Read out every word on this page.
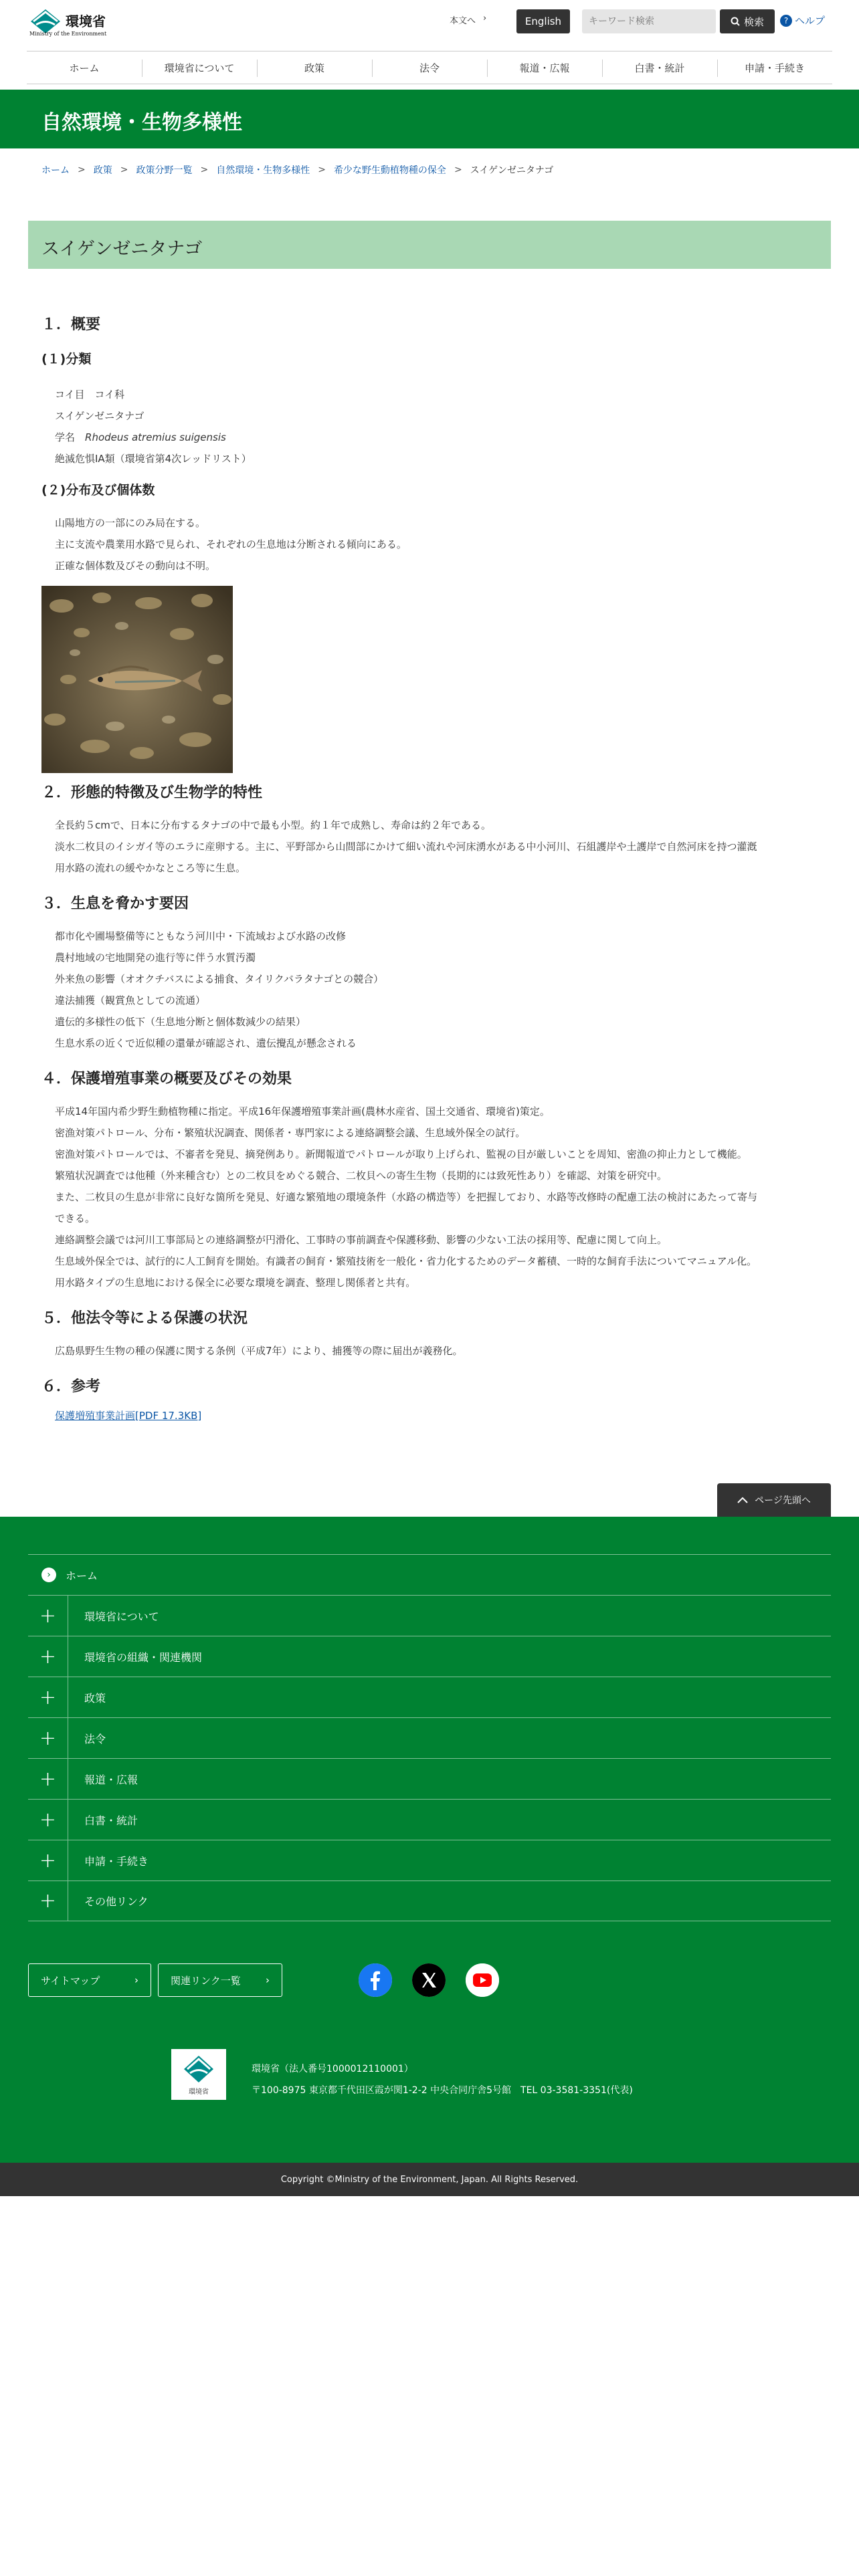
環境省
Ministry of the Environment
本文へ ›	English
キーワード検索	検索	? ヘルプ
ホーム	環境省について	政策	法令	報道・広報	白書・統計	申請・手続き
自然環境・生物多様性
ホーム > 政策 > 政策分野一覧 > 自然環境・生物多様性 > 希少な野生動植物種の保全 > スイゲンゼニタナゴ
スイゲンゼニタナゴ
１．概要
(１)分類
コイ目　コイ科
スイゲンゼニタナゴ
学名　Rhodeus atremius suigensis
絶滅危惧ⅠA類（環境省第4次レッドリスト）
(２)分布及び個体数
山陽地方の一部にのみ局在する。
主に支流や農業用水路で見られ、それぞれの生息地は分断される傾向にある。
正確な個体数及びその動向は不明。
２．形態的特徴及び生物学的特性
全長約５cmで、日本に分布するタナゴの中で最も小型。約１年で成熟し、寿命は約２年である。
淡水二枚貝のイシガイ等のエラに産卵する。主に、平野部から山間部にかけて細い流れや河床湧水がある中小河川、石組護岸や土護岸で自然河床を持つ灌漑
用水路の流れの緩やかなところ等に生息。
３．生息を脅かす要因
都市化や圃場整備等にともなう河川中・下流域および水路の改修
農村地域の宅地開発の進行等に伴う水質汚濁
外来魚の影響（オオクチバスによる捕食、タイリクバラタナゴとの競合）
違法捕獲（観賞魚としての流通）
遺伝的多様性の低下（生息地分断と個体数減少の結果）
生息水系の近くで近似種の還暈が確認され、遺伝攪乱が懸念される
４．保護増殖事業の概要及びその効果
平成14年国内希少野生動植物種に指定。平成16年保護増殖事業計画(農林水産省、国土交通省、環境省)策定。
密漁対策パトロール、分布・繁殖状況調査、関係者・専門家による連絡調整会議、生息域外保全の試行。
密漁対策パトロールでは、不審者を発見、摘発例あり。新聞報道でパトロールが取り上げられ、監視の目が厳しいことを周知、密漁の抑止力として機能。
繁殖状況調査では他種（外来種含む）との二枚貝をめぐる競合、二枚貝への寄生生物（長期的には致死性あり）を確認、対策を研究中。
また、二枚貝の生息が非常に良好な箇所を発見、好適な繁殖地の環境条件（水路の構造等）を把握しており、水路等改修時の配慮工法の検討にあたって寄与
できる。
連絡調整会議では河川工事部局との連絡調整が円滑化、工事時の事前調査や保護移動、影響の少ない工法の採用等、配慮に関して向上。
生息域外保全では、試行的に人工飼育を開始。有識者の飼育・繁殖技術を一般化・省力化するためのデータ蓄積、一時的な飼育手法についてマニュアル化。
用水路タイプの生息地における保全に必要な環境を調査、整理し関係者と共有。
５．他法令等による保護の状況
広島県野生生物の種の保護に関する条例（平成7年）により、捕獲等の際に届出が義務化。
６．参考
保護増殖事業計画[PDF 17.3KB]
ページ先頭へ
›	ホーム
+	環境省について
+	環境省の組織・関連機関
+	政策
+	法令
+	報道・広報
+	白書・統計
+	申請・手続き
+	その他リンク
サイトマップ	›	関連リンク一覧 ›
環境省
環境省（法人番号1000012110001）
〒100-8975 東京都千代田区霞が関1-2-2 中央合同庁舎5号館　TEL 03-3581-3351(代表)
Copyright ©Ministry of the Environment, Japan. All Rights Reserved.
